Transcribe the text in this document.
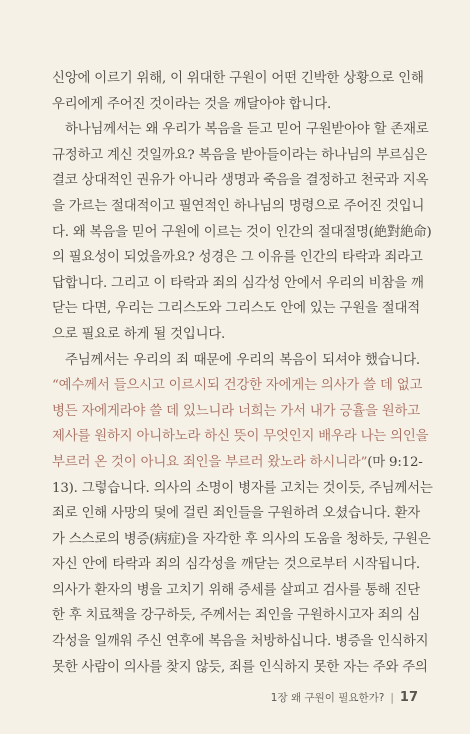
신앙에 이르기 위해, 이 위대한 구원이 어떤 긴박한 상황으로 인해
우리에게 주어진 것이라는 것을 깨달아야 합니다.
하나님께서는 왜 우리가 복음을 듣고 믿어 구원받아야 할 존재로
규정하고 계신 것일까요? 복음을 받아들이라는 하나님의 부르심은
결코 상대적인 권유가 아니라 생명과 죽음을 결정하고 천국과 지옥
을 가르는 절대적이고 필연적인 하나님의 명령으로 주어진 것입니
다. 왜 복음을 믿어 구원에 이르는 것이 인간의 절대절명(絶對絶命)
의 필요성이 되었을까요? 성경은 그 이유를 인간의 타락과 죄라고
답합니다. 그리고 이 타락과 죄의 심각성 안에서 우리의 비참을 깨
닫는 다면, 우리는 그리스도와 그리스도 안에 있는 구원을 절대적
으로 필요로 하게 될 것입니다.
주님께서는 우리의 죄 때문에 우리의 복음이 되셔야 했습니다.
“예수께서 들으시고 이르시되 건강한 자에게는 의사가 쓸 데 없고
병든 자에게라야 쓸 데 있느니라 너희는 가서 내가 긍휼을 원하고
제사를 원하지 아니하노라 하신 뜻이 무엇인지 배우라 나는 의인을
부르러 온 것이 아니요 죄인을 부르러 왔노라 하시니라”(마 9:12-
13). 그렇습니다. 의사의 소명이 병자를 고치는 것이듯, 주님께서는
죄로 인해 사망의 덫에 걸린 죄인들을 구원하려 오셨습니다. 환자
가 스스로의 병증(病症)을 자각한 후 의사의 도움을 청하듯, 구원은
자신 안에 타락과 죄의 심각성을 깨닫는 것으로부터 시작됩니다.
의사가 환자의 병을 고치기 위해 증세를 살피고 검사를 통해 진단
한 후 치료책을 강구하듯, 주께서는 죄인을 구원하시고자 죄의 심
각성을 일깨워 주신 연후에 복음을 처방하십니다. 병증을 인식하지
못한 사람이 의사를 찾지 않듯, 죄를 인식하지 못한 자는 주와 주의
1장 왜 구원이 필요한가? | 17
